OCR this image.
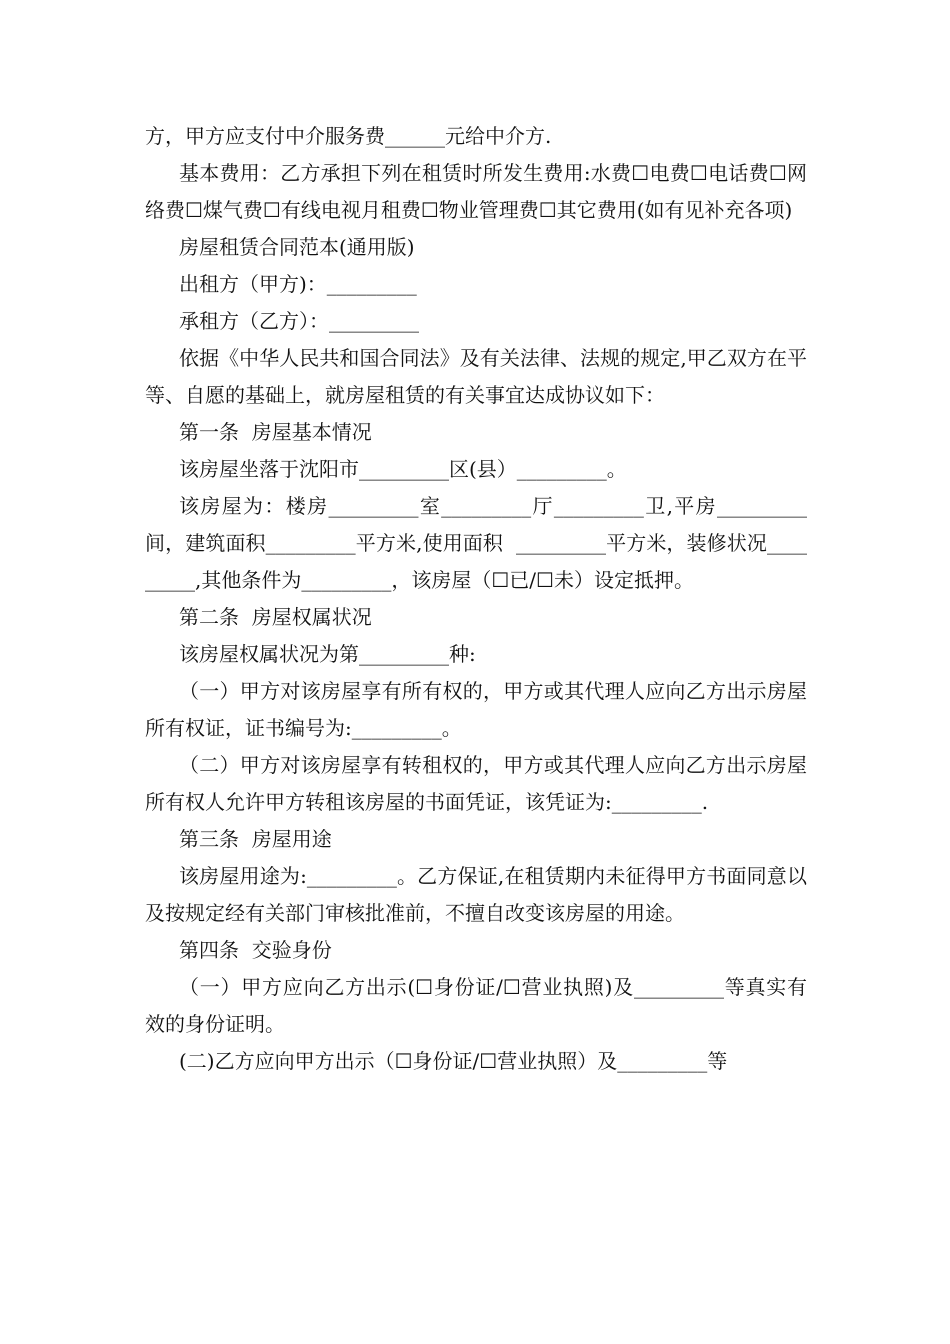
方，甲方应支付中介服务费______元给中介方.

基本费用：乙方承担下列在租赁时所发生费用:水费☐电费☐电话费☐网络费☐煤气费☐有线电视月租费☐物业管理费☐其它费用(如有见补充各项)

房屋租赁合同范本(通用版)

出租方（甲方)：_________

承租方（乙方）：_________

依据《中华人民共和国合同法》及有关法律、法规的规定,甲乙双方在平等、自愿的基础上，就房屋租赁的有关事宜达成协议如下：

第一条  房屋基本情况

该房屋坐落于沈阳市_________区(县）_________。

该房屋为：楼房_________室_________厅_________卫,平房_________间，建筑面积_________平方米,使用面积  _________平方米，装修状况_________,其他条件为_________，该房屋（☐已/☐未）设定抵押。

第二条  房屋权属状况

该房屋权属状况为第_________种:

（一）甲方对该房屋享有所有权的，甲方或其代理人应向乙方出示房屋所有权证，证书编号为:_________。

（二）甲方对该房屋享有转租权的，甲方或其代理人应向乙方出示房屋所有权人允许甲方转租该房屋的书面凭证，该凭证为:_________.

第三条  房屋用途

该房屋用途为:_________。乙方保证,在租赁期内未征得甲方书面同意以及按规定经有关部门审核批准前，不擅自改变该房屋的用途。

第四条  交验身份

（一）甲方应向乙方出示(☐身份证/☐营业执照)及_________等真实有效的身份证明。

(二)乙方应向甲方出示（☐身份证/☐营业执照）及_________等
